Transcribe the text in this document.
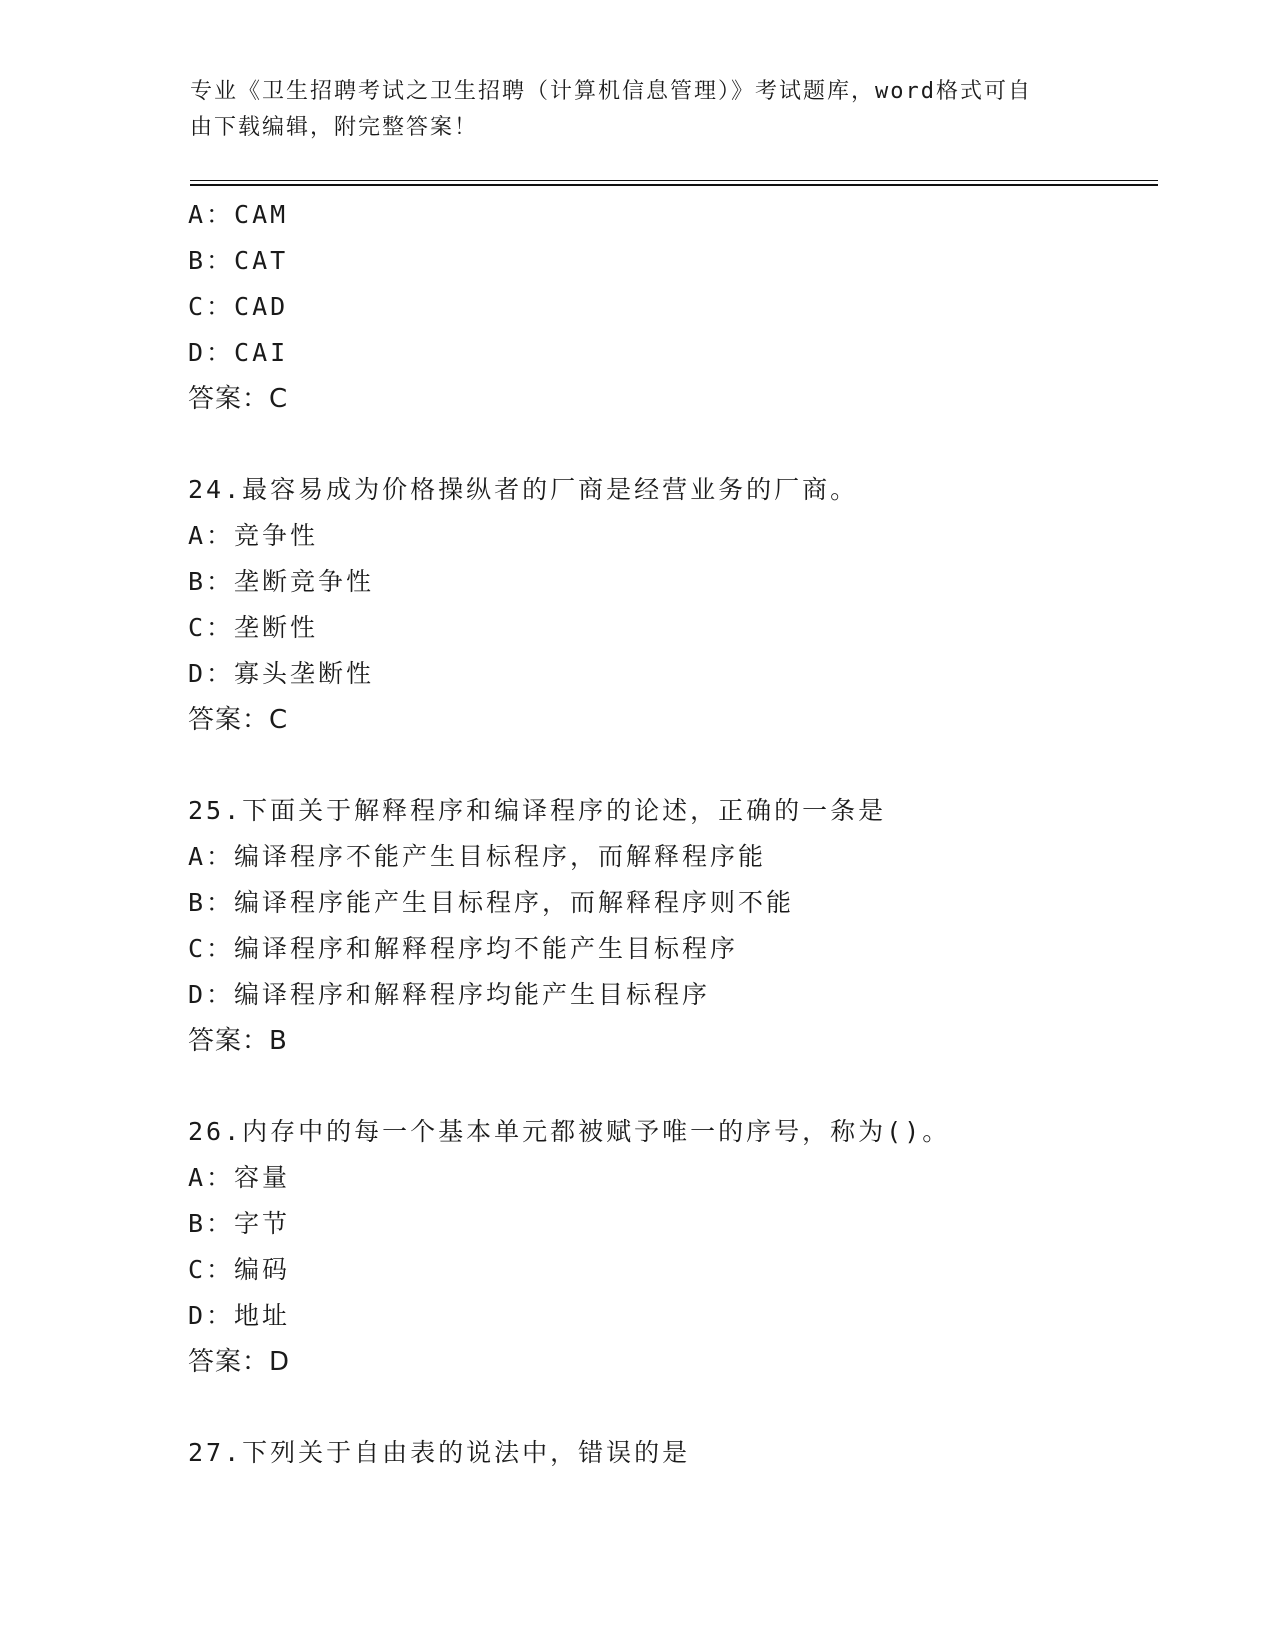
专业《卫生招聘考试之卫生招聘（计算机信息管理）》考试题库，word格式可自
由下载编辑，附完整答案！
A：CAM
B：CAT
C：CAD
D：CAI
答案：C
24.最容易成为价格操纵者的厂商是经营业务的厂商。
A：竞争性
B：垄断竞争性
C：垄断性
D：寡头垄断性
答案：C
25.下面关于解释程序和编译程序的论述，正确的一条是
A：编译程序不能产生目标程序，而解释程序能
B：编译程序能产生目标程序，而解释程序则不能
C：编译程序和解释程序均不能产生目标程序
D：编译程序和解释程序均能产生目标程序
答案：B
26.内存中的每一个基本单元都被赋予唯一的序号，称为()。
A：容量
B：字节
C：编码
D：地址
答案：D
27.下列关于自由表的说法中，错误的是
